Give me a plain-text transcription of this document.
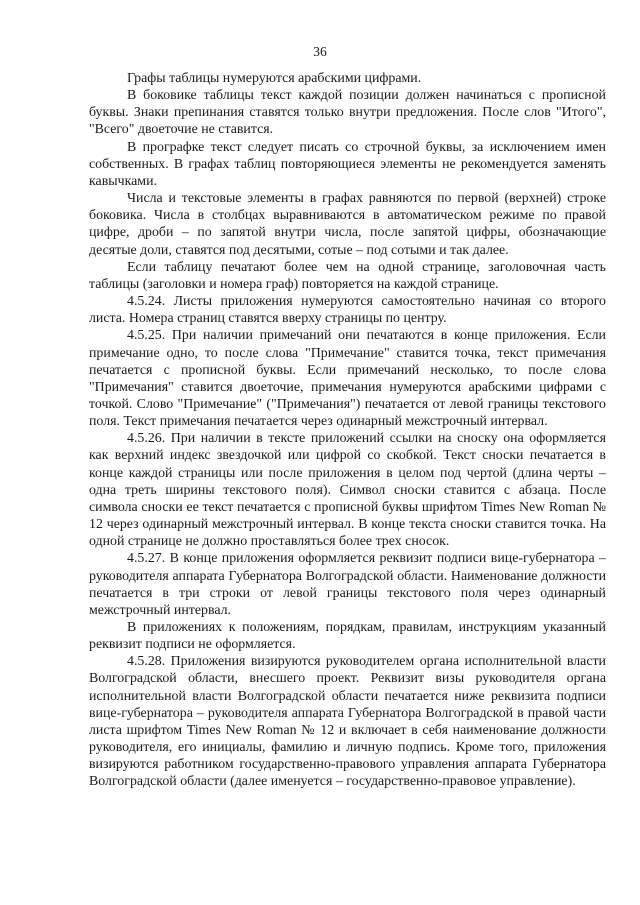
36

Графы таблицы нумеруются арабскими цифрами.

В боковике таблицы текст каждой позиции должен начинаться с прописной буквы. Знаки препинания ставятся только внутри предложения. После слов "Итого", "Всего" двоеточие не ставится.

В прографке текст следует писать со строчной буквы, за исключением имен собственных. В графах таблиц повторяющиеся элементы не рекомендуется заменять кавычками.

Числа и текстовые элементы в графах равняются по первой (верхней) строке боковика. Числа в столбцах выравниваются в автоматическом режиме по правой цифре, дроби – по запятой внутри числа, после запятой цифры, обозначающие десятые доли, ставятся под десятыми, сотые – под сотыми и так далее.

Если таблицу печатают более чем на одной странице, заголовочная часть таблицы (заголовки и номера граф) повторяется на каждой странице.

4.5.24. Листы приложения нумеруются самостоятельно начиная со второго листа. Номера страниц ставятся вверху страницы по центру.

4.5.25. При наличии примечаний они печатаются в конце приложения. Если примечание одно, то после слова "Примечание" ставится точка, текст примечания печатается с прописной буквы. Если примечаний несколько, то после слова "Примечания" ставится двоеточие, примечания нумеруются арабскими цифрами с точкой. Слово "Примечание" ("Примечания") печатается от левой границы текстового поля. Текст примечания печатается через одинарный межстрочный интервал.

4.5.26. При наличии в тексте приложений ссылки на сноску она оформляется как верхний индекс звездочкой или цифрой со скобкой. Текст сноски печатается в конце каждой страницы или после приложения в целом под чертой (длина черты – одна треть ширины текстового поля). Символ сноски ставится с абзаца. После символа сноски ее текст печатается с прописной буквы шрифтом Times New Roman № 12 через одинарный межстрочный интервал. В конце текста сноски ставится точка. На одной странице не должно проставляться более трех сносок.

4.5.27. В конце приложения оформляется реквизит подписи вице-губернатора – руководителя аппарата Губернатора Волгоградской области. Наименование должности печатается в три строки от левой границы текстового поля через одинарный межстрочный интервал.

В приложениях к положениям, порядкам, правилам, инструкциям указанный реквизит подписи не оформляется.

4.5.28. Приложения визируются руководителем органа исполнительной власти Волгоградской области, внесшего проект. Реквизит визы руководителя органа исполнительной власти Волгоградской области печатается ниже реквизита подписи вице-губернатора – руководителя аппарата Губернатора Волгоградской в правой части листа шрифтом Times New Roman № 12 и включает в себя наименование должности руководителя, его инициалы, фамилию и личную подпись. Кроме того, приложения визируются работником государственно-правового управления аппарата Губернатора Волгоградской области (далее именуется – государственно-правовое управление).
